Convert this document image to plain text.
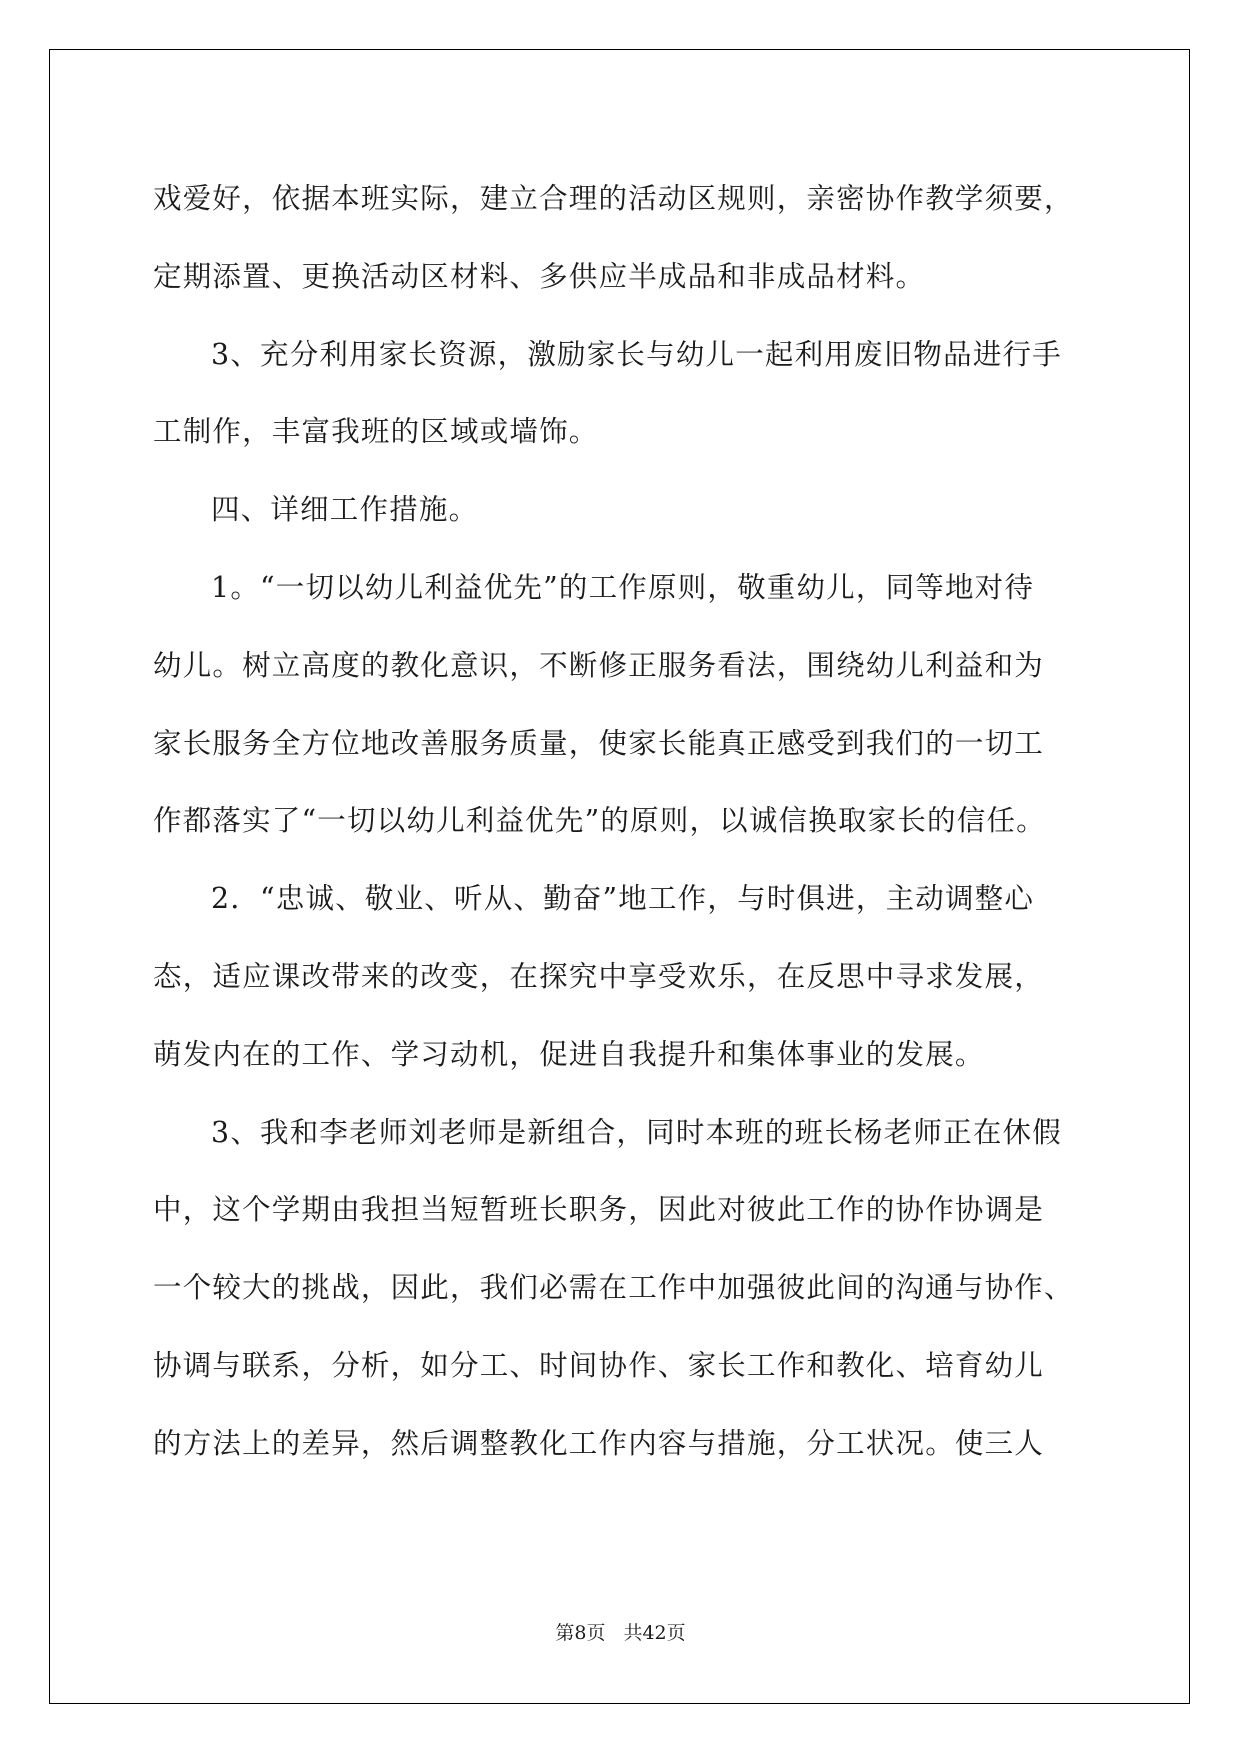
戏爱好，依据本班实际，建立合理的活动区规则，亲密协作教学须要，
定期添置、更换活动区材料、多供应半成品和非成品材料。
3、充分利用家长资源，激励家长与幼儿一起利用废旧物品进行手
工制作，丰富我班的区域或墙饰。
四、详细工作措施。
1。“一切以幼儿利益优先”的工作原则，敬重幼儿，同等地对待
幼儿。树立高度的教化意识，不断修正服务看法，围绕幼儿利益和为
家长服务全方位地改善服务质量，使家长能真正感受到我们的一切工
作都落实了“一切以幼儿利益优先”的原则，以诚信换取家长的信任。
2．“忠诚、敬业、听从、勤奋”地工作，与时俱进，主动调整心
态，适应课改带来的改变，在探究中享受欢乐，在反思中寻求发展，
萌发内在的工作、学习动机，促进自我提升和集体事业的发展。
3、我和李老师刘老师是新组合，同时本班的班长杨老师正在休假
中，这个学期由我担当短暂班长职务，因此对彼此工作的协作协调是
一个较大的挑战，因此，我们必需在工作中加强彼此间的沟通与协作、
协调与联系，分析，如分工、时间协作、家长工作和教化、培育幼儿
的方法上的差异，然后调整教化工作内容与措施，分工状况。使三人
第8页 共42页
